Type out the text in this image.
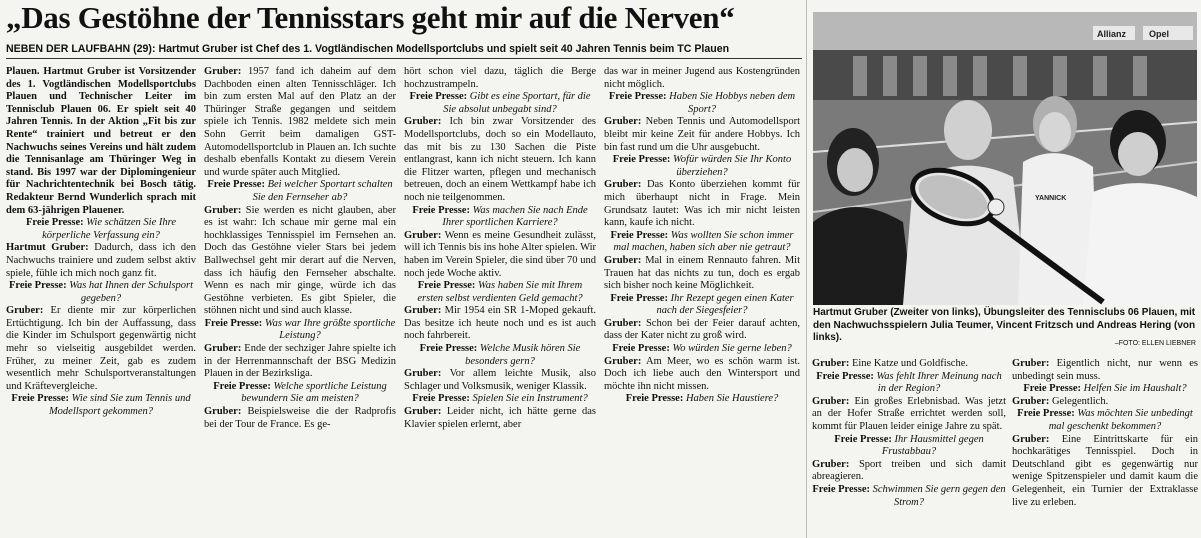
„Das Gestöhne der Tennisstars geht mir auf die Nerven“
NEBEN DER LAUFBAHN (29): Hartmut Gruber ist Chef des 1. Vogtländischen Modellsportclubs und spielt seit 40 Jahren Tennis beim TC Plauen

Plauen. Hartmut Gruber ist Vorsitzender des 1. Vogtländischen Modellsportclubs Plauen und Technischer Leiter im Tennisclub Plauen 06. Er spielt seit 40 Jahren Tennis. In der Aktion „Fit bis zur Rente“ trainiert und betreut er den Nachwuchs seines Vereins und hält zudem die Tennisanlage am Thüringer Weg in stand. Bis 1997 war der Diplomingenieur für Nachrichtentechnik bei Bosch tätig. Redakteur Bernd Wunderlich sprach mit dem 63-jährigen Plauener.

Freie Presse: Wie schätzen Sie Ihre körperliche Verfassung ein?

Hartmut Gruber: Dadurch, dass ich den Nachwuchs trainiere und zudem selbst aktiv spiele, fühle ich mich noch ganz fit.

Freie Presse: Was hat Ihnen der Schulsport gegeben?

Gruber: Er diente mir zur körperlichen Ertüchtigung. Ich bin der Auffassung, dass die Kinder im Schulsport gegenwärtig nicht mehr so vielseitig ausgebildet werden. Früher, zu meiner Zeit, gab es zudem wesentlich mehr Schulsportveranstaltungen und Kräftevergleiche.

Freie Presse: Wie sind Sie zum Tennis und Modellsport gekommen?

Gruber: 1957 fand ich daheim auf dem Dachboden einen alten Tennisschläger. Ich bin zum ersten Mal auf den Platz an der Thüringer Straße gegangen und seitdem spiele ich Tennis. 1982 meldete sich mein Sohn Gerrit beim damaligen GST-Automodellsportclub in Plauen an. Ich suchte deshalb ebenfalls Kontakt zu diesem Verein und wurde später auch Mitglied.

Freie Presse: Bei welcher Sportart schalten Sie den Fernseher ab?

Gruber: Sie werden es nicht glauben, aber es ist wahr: Ich schaue mir gerne mal ein hochklassiges Tennisspiel im Fernsehen an. Doch das Gestöhne vieler Stars bei jedem Ballwechsel geht mir derart auf die Nerven, dass ich häufig den Fernseher abschalte. Wenn es nach mir ginge, würde ich das Gestöhne verbieten. Es gibt Spieler, die stöhnen nicht und sind auch klasse.

Freie Presse: Was war Ihre größte sportliche Leistung?

Gruber: Ende der sechziger Jahre spielte ich in der Herrenmannschaft der BSG Medizin Plauen in der Bezirksliga.

Freie Presse: Welche sportliche Leistung bewundern Sie am meisten?

Gruber: Beispielsweise die der Radprofis bei der Tour de France. Es ge-

hört schon viel dazu, täglich die Berge hochzustrampeln.

Freie Presse: Gibt es eine Sportart, für die Sie absolut unbegabt sind?

Gruber: Ich bin zwar Vorsitzender des Modellsportclubs, doch so ein Modellauto, das mit bis zu 130 Sachen die Piste entlangrast, kann ich nicht steuern. Ich kann die Flitzer warten, pflegen und mechanisch betreuen, doch an einem Wettkampf habe ich noch nie teilgenommen.

Freie Presse: Was machen Sie nach Ende Ihrer sportlichen Karriere?

Gruber: Wenn es meine Gesundheit zulässt, will ich Tennis bis ins hohe Alter spielen. Wir haben im Verein Spieler, die sind über 70 und noch jede Woche aktiv.

Freie Presse: Was haben Sie mit Ihrem ersten selbst verdienten Geld gemacht?

Gruber: Mir 1954 ein SR 1-Moped gekauft. Das besitze ich heute noch und es ist auch noch fahrbereit.

Freie Presse: Welche Musik hören Sie besonders gern?

Gruber: Vor allem leichte Musik, also Schlager und Volksmusik, weniger Klassik.

Freie Presse: Spielen Sie ein Instrument?

Gruber: Leider nicht, ich hätte gerne das Klavier spielen erlernt, aber

das war in meiner Jugend aus Kostengründen nicht möglich.

Freie Presse: Haben Sie Hobbys neben dem Sport?

Gruber: Neben Tennis und Automodellsport bleibt mir keine Zeit für andere Hobbys. Ich bin fast rund um die Uhr ausgebucht.

Freie Presse: Wofür würden Sie Ihr Konto überziehen?

Gruber: Das Konto überziehen kommt für mich überhaupt nicht in Frage. Mein Grundsatz lautet: Was ich mir nicht leisten kann, kaufe ich nicht.

Freie Presse: Was wollten Sie schon immer mal machen, haben sich aber nie getraut?

Gruber: Mal in einem Rennauto fahren. Mit Trauen hat das nichts zu tun, doch es ergab sich bisher noch keine Möglichkeit.

Freie Presse: Ihr Rezept gegen einen Kater nach der Siegesfeier?

Gruber: Schon bei der Feier darauf achten, dass der Kater nicht zu groß wird.

Freie Presse: Wo würden Sie gerne leben?

Gruber: Am Meer, wo es schön warm ist. Doch ich liebe auch den Wintersport und möchte ihn nicht missen.

Freie Presse: Haben Sie Haustiere?

Allianz	Opel
YANNICK
Hartmut Gruber (Zweiter von links), Übungsleiter des Tennisclubs 06 Plauen, mit den Nachwuchsspielern Julia Teumer, Vincent Fritzsch und Andreas Hering (von links).
–FOTO: ELLEN LIEBNER

Gruber: Eine Katze und Goldfische.

Freie Presse: Was fehlt Ihrer Meinung nach in der Region?

Gruber: Ein großes Erlebnisbad. Was jetzt an der Hofer Straße errichtet werden soll, kommt für Plauen leider einige Jahre zu spät.

Freie Presse: Ihr Hausmittel gegen Frustabbau?

Gruber: Sport treiben und sich damit abreagieren.

Freie Presse: Schwimmen Sie gern gegen den Strom?

Gruber: Eigentlich nicht, nur wenn es unbedingt sein muss.

Freie Presse: Helfen Sie im Haushalt?

Gruber: Gelegentlich.

Freie Presse: Was möchten Sie unbedingt mal geschenkt bekommen?

Gruber: Eine Eintrittskarte für ein hochkarätiges Tennisspiel. Doch in Deutschland gibt es gegenwärtig nur wenige Spitzenspieler und damit kaum die Gelegenheit, ein Turnier der Extraklasse live zu erleben.
